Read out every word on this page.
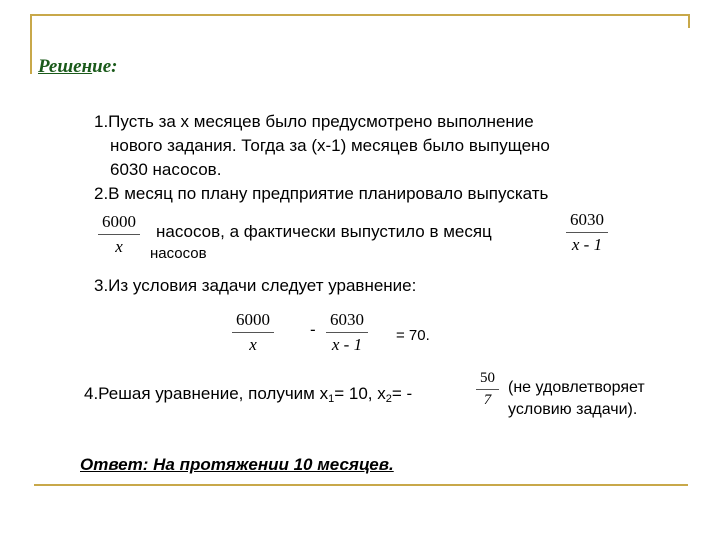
Решение:
1.Пусть за x месяцев было предусмотрено выполнение
нового задания. Тогда за (x-1) месяцев было выпущено
6030 насосов.
2.В месяц по плану предприятие планировало выпускать
$\frac{6000}{x}$ насосов, а фактически выпустило в месяц
насосов	$\frac{6030}{x - 1}$
3.Из условия задачи следует уравнение:
$\frac{6000}{x} - \frac{6030}{x - 1} = 70$.
4.Решая уравнение, получим $x_1= 10$, $x_2=$ -	$\frac{50}{7} (не$ удовлетворяет
условию задачи).
Ответ: На протяжении 10 месяцев.
